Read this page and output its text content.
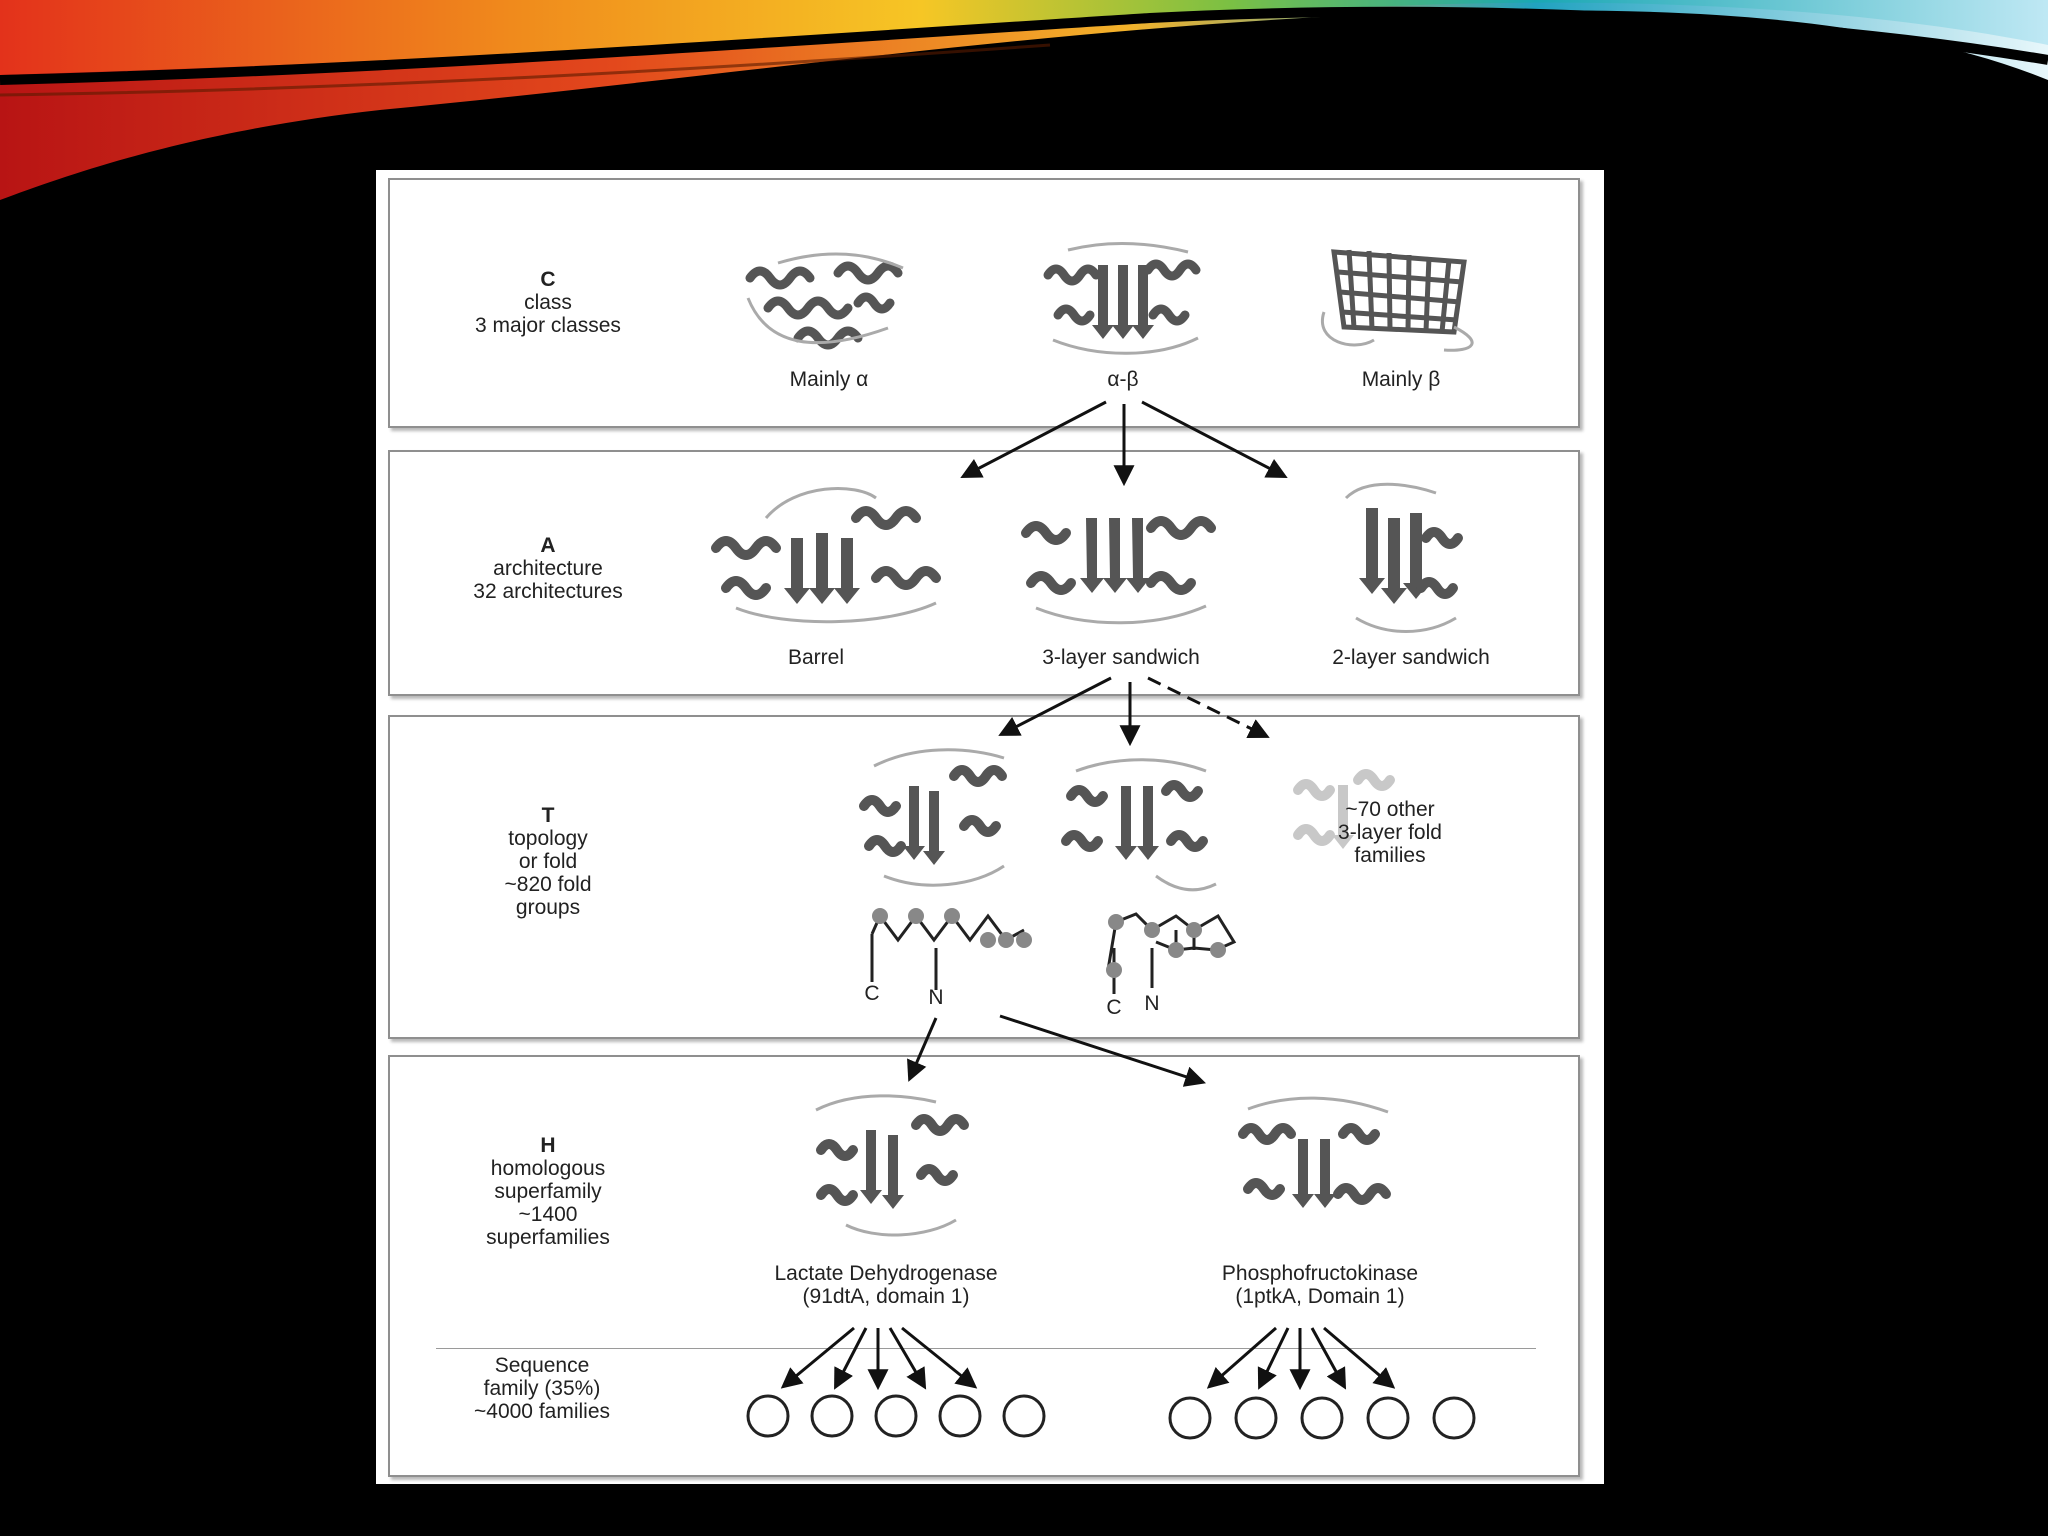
C
class
3 major classes
A
architecture
32 architectures
T
topology
or fold
~820 fold
groups
H
homologous
superfamily
~1400
superfamilies
Sequence
family (35%)
~4000 families
~70 other
3-layer fold
families
Mainly α	α-β	Mainly β
Barrel	3-layer sandwich	2-layer sandwich
Lactate Dehydrogenase
(91dtA, domain 1)
Phosphofructokinase
(1ptkA, Domain 1)
C N	C N
